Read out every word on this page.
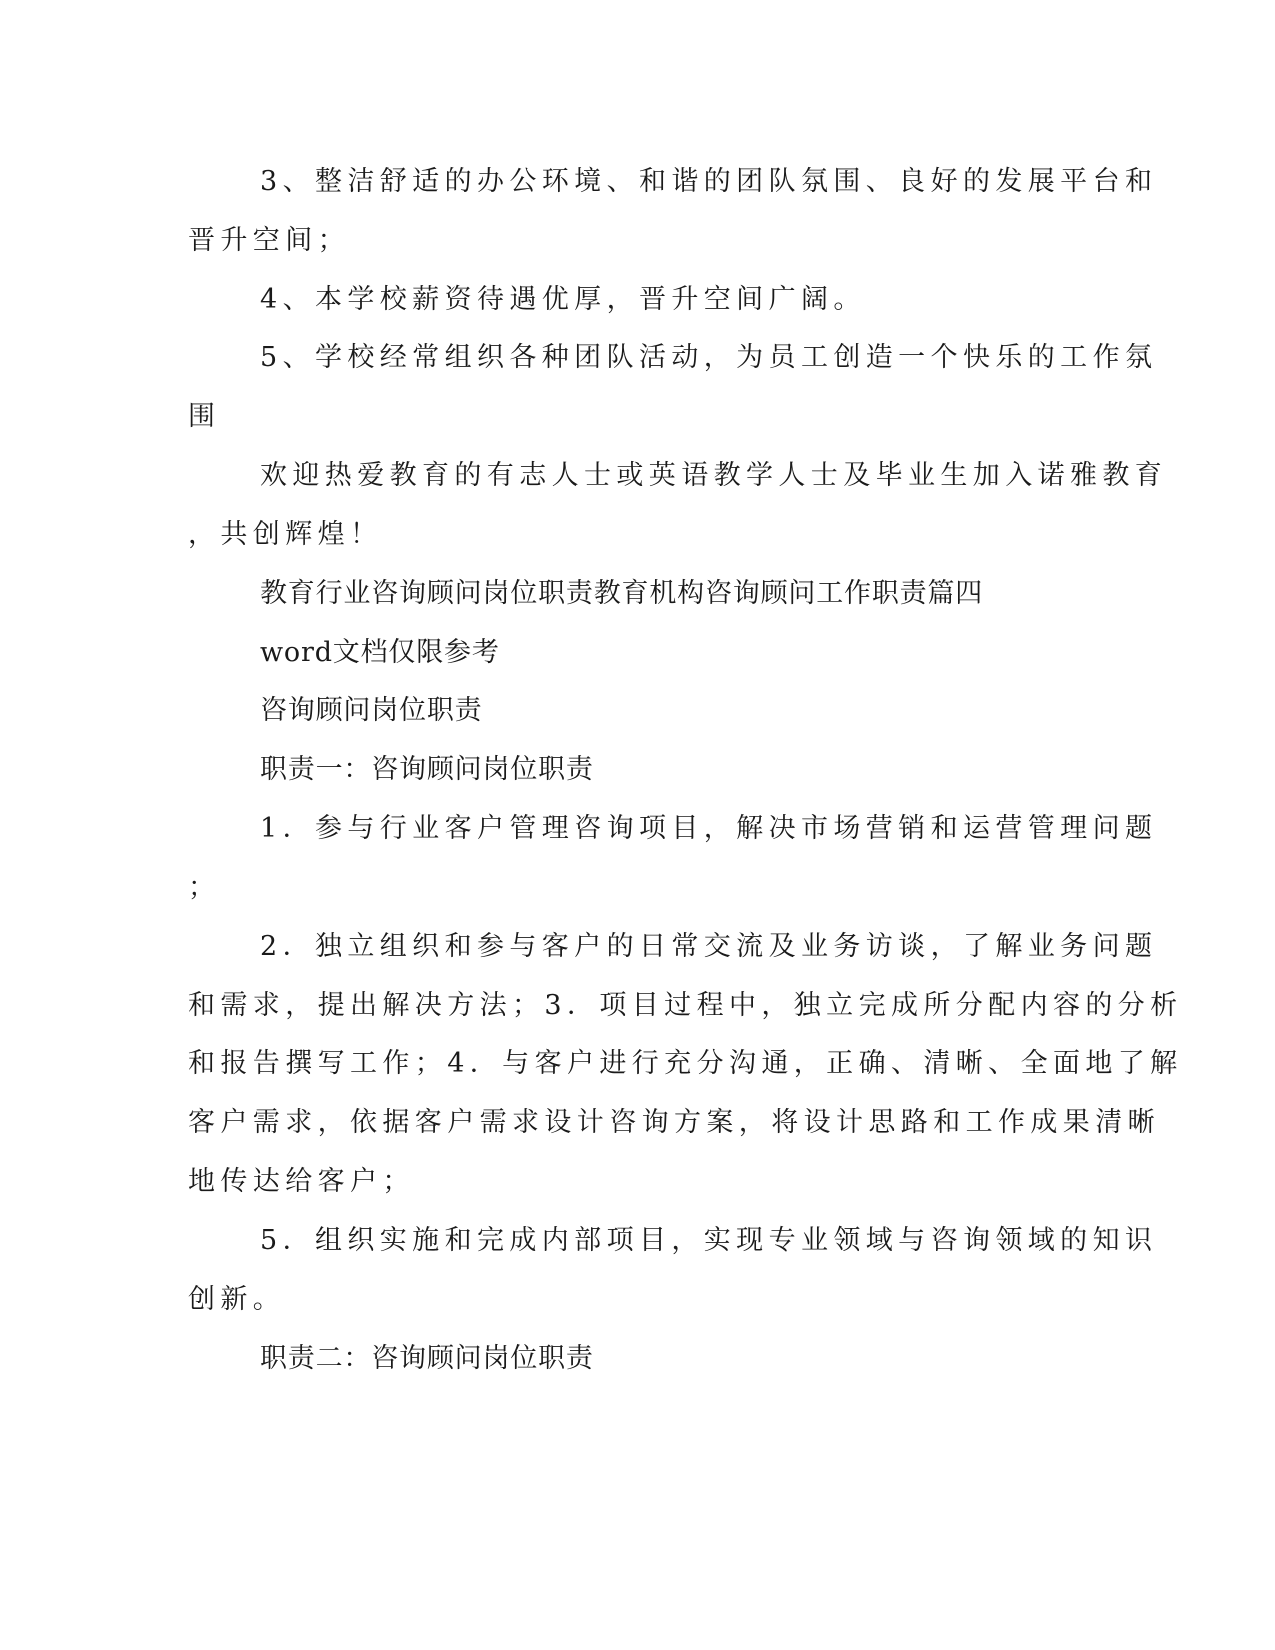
3、整洁舒适的办公环境、和谐的团队氛围、良好的发展平台和

晋升空间；

4、本学校薪资待遇优厚，晋升空间广阔。

5、学校经常组织各种团队活动，为员工创造一个快乐的工作氛

围

欢迎热爱教育的有志人士或英语教学人士及毕业生加入诺雅教育

，共创辉煌！

教育行业咨询顾问岗位职责教育机构咨询顾问工作职责篇四

word文档仅限参考

咨询顾问岗位职责

职责一：咨询顾问岗位职责

1．参与行业客户管理咨询项目，解决市场营销和运营管理问题

；

2．独立组织和参与客户的日常交流及业务访谈，了解业务问题

和需求，提出解决方法；3．项目过程中，独立完成所分配内容的分析

和报告撰写工作；4．与客户进行充分沟通，正确、清晰、全面地了解

客户需求，依据客户需求设计咨询方案，将设计思路和工作成果清晰

地传达给客户；

5．组织实施和完成内部项目，实现专业领域与咨询领域的知识

创新。

职责二：咨询顾问岗位职责
